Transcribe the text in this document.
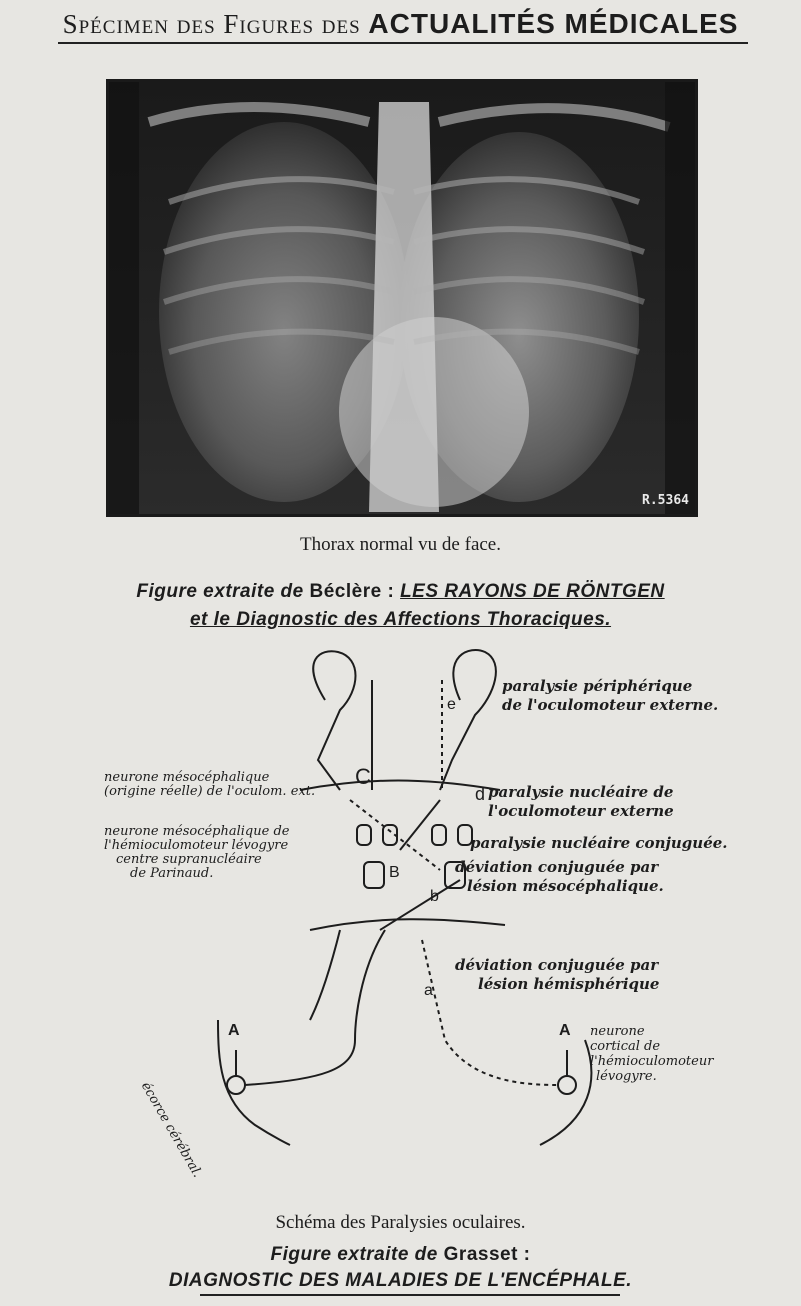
Spécimen des Figures des ACTUALITÉS MÉDICALES
R.5364
Thorax normal vu de face.
Figure extraite de Béclère : LES RAYONS DE RÖNTGEN
et le Diagnostic des Affections Thoraciques.
paralysie périphérique
de l'oculomoteur externe.
e
neurone mésocéphalique
(origine réelle) de l'oculom. ext.
C
d paralysie nucléaire de
l'oculomoteur externe
neurone mésocéphalique de
l'hémioculomoteur lévogyre
centre supranucléaire
de Parinaud.	B
paralysie nucléaire conjuguée.
b
déviation conjuguée par
lésion mésocéphalique.
déviation conjuguée par
lésion hémisphérique
a
A	A neurone
cortical de
l'hémioculomoteur
lévogyre.
écorce cérébral.
Schéma des Paralysies oculaires.
Figure extraite de Grasset :
DIAGNOSTIC DES MALADIES DE L'ENCÉPHALE.
